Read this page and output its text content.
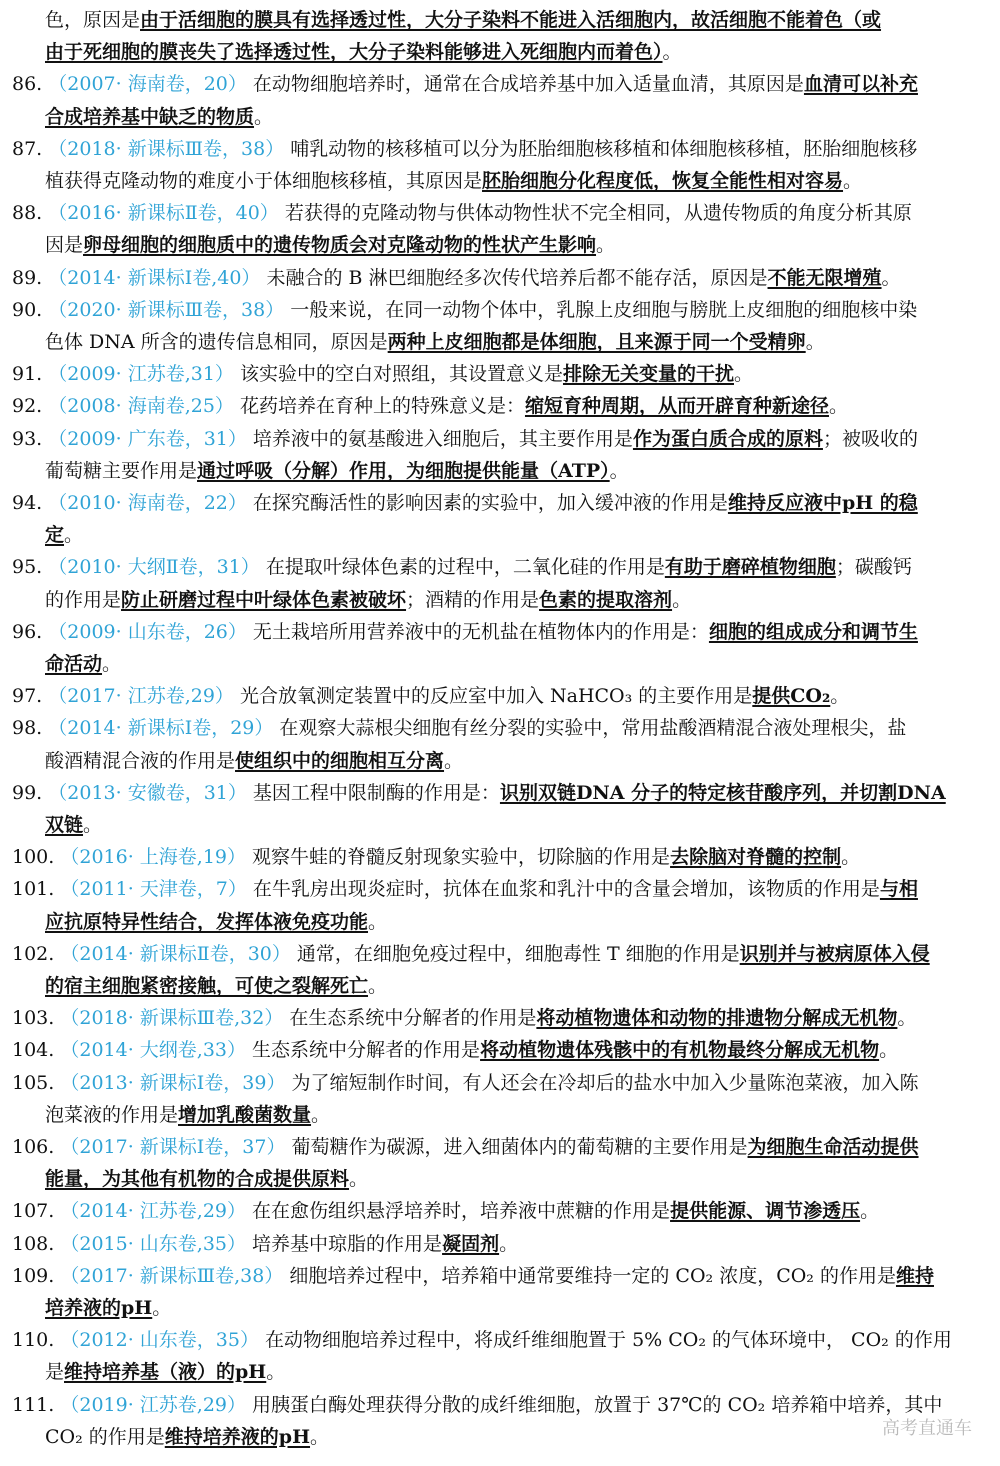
色，原因是由于活细胞的膜具有选择透过性，大分子染料不能进入活细胞内，故活细胞不能着色（或
由于死细胞的膜丧失了选择透过性，大分子染料能够进入死细胞内而着色）。
86. （2007· 海南卷，20） 在动物细胞培养时，通常在合成培养基中加入适量血清，其原因是血清可以补充
合成培养基中缺乏的物质。
87. （2018· 新课标Ⅲ卷，38） 哺乳动物的核移植可以分为胚胎细胞核移植和体细胞核移植，胚胎细胞核移
植获得克隆动物的难度小于体细胞核移植，其原因是胚胎细胞分化程度低，恢复全能性相对容易。
88. （2016· 新课标Ⅱ卷，40） 若获得的克隆动物与供体动物性状不完全相同，从遗传物质的角度分析其原
因是卵母细胞的细胞质中的遗传物质会对克隆动物的性状产生影响。
89. （2014· 新课标Ⅰ卷,40） 未融合的 B 淋巴细胞经多次传代培养后都不能存活，原因是不能无限增殖。
90. （2020· 新课标Ⅲ卷，38） 一般来说，在同一动物个体中，乳腺上皮细胞与膀胱上皮细胞的细胞核中染
色体 DNA 所含的遗传信息相同，原因是两种上皮细胞都是体细胞，且来源于同一个受精卵。
91. （2009· 江苏卷,31） 该实验中的空白对照组，其设置意义是排除无关变量的干扰。
92. （2008· 海南卷,25） 花药培养在育种上的特殊意义是：缩短育种周期，从而开辟育种新途径。
93. （2009· 广东卷，31） 培养液中的氨基酸进入细胞后，其主要作用是作为蛋白质合成的原料；被吸收的
葡萄糖主要作用是通过呼吸（分解）作用，为细胞提供能量（ATP）。
94. （2010· 海南卷，22） 在探究酶活性的影响因素的实验中，加入缓冲液的作用是维持反应液中pH 的稳
定。
95. （2010· 大纲Ⅱ卷，31） 在提取叶绿体色素的过程中，二氧化硅的作用是有助于磨碎植物细胞；碳酸钙
的作用是防止研磨过程中叶绿体色素被破坏；酒精的作用是色素的提取溶剂。
96. （2009· 山东卷，26） 无土栽培所用营养液中的无机盐在植物体内的作用是：细胞的组成成分和调节生
命活动。
97. （2017· 江苏卷,29） 光合放氧测定装置中的反应室中加入 NaHCO₃ 的主要作用是提供CO₂。
98. （2014· 新课标Ⅰ卷，29） 在观察大蒜根尖细胞有丝分裂的实验中，常用盐酸酒精混合液处理根尖，盐
酸酒精混合液的作用是使组织中的细胞相互分离。
99. （2013· 安徽卷，31） 基因工程中限制酶的作用是：识别双链DNA 分子的特定核苷酸序列，并切割DNA
双链。
100. （2016· 上海卷,19） 观察牛蛙的脊髓反射现象实验中，切除脑的作用是去除脑对脊髓的控制。
101. （2011· 天津卷，7） 在牛乳房出现炎症时，抗体在血浆和乳汁中的含量会增加，该物质的作用是与相
应抗原特异性结合，发挥体液免疫功能。
102. （2014· 新课标Ⅱ卷，30） 通常，在细胞免疫过程中，细胞毒性 T 细胞的作用是识别并与被病原体入侵
的宿主细胞紧密接触，可使之裂解死亡。
103. （2018· 新课标Ⅲ卷,32） 在生态系统中分解者的作用是将动植物遗体和动物的排遗物分解成无机物。
104. （2014· 大纲卷,33） 生态系统中分解者的作用是将动植物遗体残骸中的有机物最终分解成无机物。
105. （2013· 新课标Ⅰ卷，39） 为了缩短制作时间，有人还会在冷却后的盐水中加入少量陈泡菜液，加入陈
泡菜液的作用是增加乳酸菌数量。
106. （2017· 新课标Ⅰ卷，37） 葡萄糖作为碳源，进入细菌体内的葡萄糖的主要作用是为细胞生命活动提供
能量，为其他有机物的合成提供原料。
107. （2014· 江苏卷,29） 在在愈伤组织悬浮培养时，培养液中蔗糖的作用是提供能源、调节渗透压。
108. （2015· 山东卷,35） 培养基中琼脂的作用是凝固剂。
109. （2017· 新课标Ⅲ卷,38） 细胞培养过程中，培养箱中通常要维持一定的 CO₂ 浓度，CO₂ 的作用是维持
培养液的pH。
110. （2012· 山东卷，35） 在动物细胞培养过程中，将成纤维细胞置于 5% CO₂ 的气体环境中， CO₂ 的作用
是维持培养基（液）的pH。
111. （2019· 江苏卷,29） 用胰蛋白酶处理获得分散的成纤维细胞，放置于 37℃的 CO₂ 培养箱中培养，其中
CO₂ 的作用是维持培养液的pH。	高考直通车
